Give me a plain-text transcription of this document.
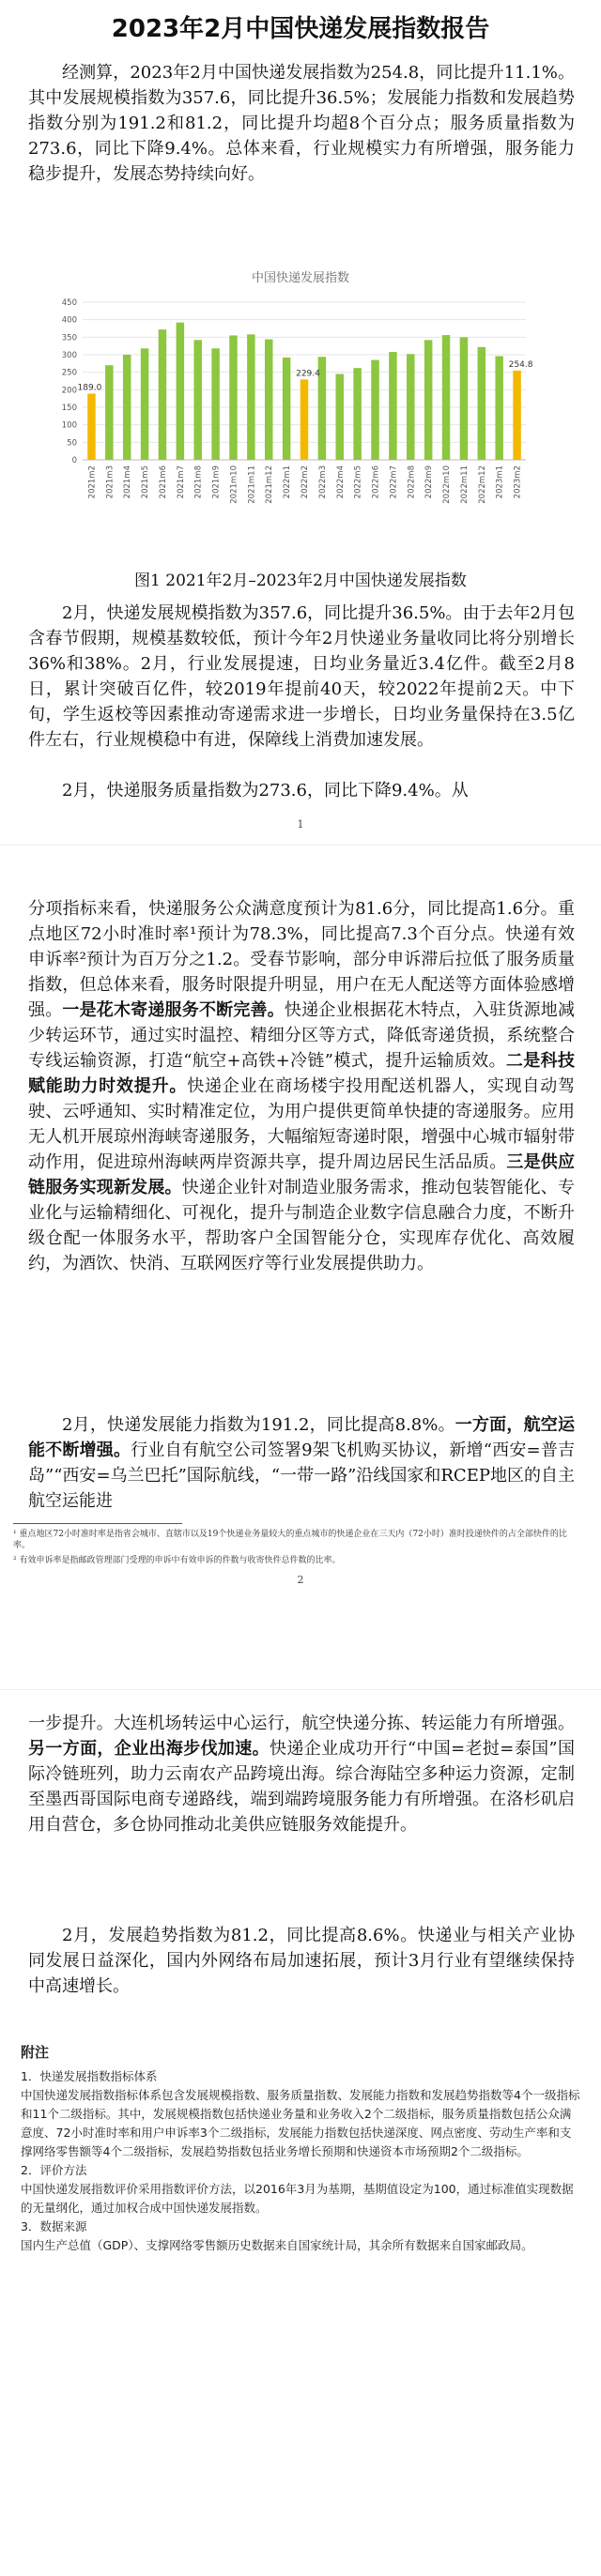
2023年2月中国快递发展指数报告

经测算，2023年2月中国快递发展指数为254.8，同比提升11.1%。其中发展规模指数为357.6，同比提升36.5%；发展能力指数和发展趋势指数分别为191.2和81.2，同比提升均超8个百分点；服务质量指数为273.6，同比下降9.4%。总体来看，行业规模实力有所增强，服务能力稳步提升，发展态势持续向好。

中国快递发展指数
189.0
229.4
254.8
0
50
100
150
200
250
300
350
400
450
2021m2 2021m3 2021m4 2021m5 2021m6 2021m7 2021m8 2021m9 2021m10 2021m11 2021m12 2022m1 2022m2 2022m3 2022m4 2022m5 2022m6 2022m7 2022m8 2022m9 2022m10 2022m11 2022m12 2023m1 2023m2
图1 2021年2月–2023年2月中国快递发展指数

2月，快递发展规模指数为357.6，同比提升36.5%。由于去年2月包含春节假期，规模基数较低，预计今年2月快递业务量收同比将分别增长36%和38%。2月，行业发展提速，日均业务量近3.4亿件。截至2月8日，累计突破百亿件，较2019年提前40天，较2022年提前2天。中下旬，学生返校等因素推动寄递需求进一步增长，日均业务量保持在3.5亿件左右，行业规模稳中有进，保障线上消费加速发展。

2月，快递服务质量指数为273.6，同比下降9.4%。从

1

分项指标来看，快递服务公众满意度预计为81.6分，同比提高1.6分。重点地区72小时准时率¹预计为78.3%，同比提高7.3个百分点。快递有效申诉率²预计为百万分之1.2。受春节影响，部分申诉滞后拉低了服务质量指数，但总体来看，服务时限提升明显，用户在无人配送等方面体验感增强。一是花木寄递服务不断完善。快递企业根据花木特点，入驻货源地减少转运环节，通过实时温控、精细分区等方式，降低寄递货损，系统整合专线运输资源，打造“航空+高铁+冷链”模式，提升运输质效。二是科技赋能助力时效提升。快递企业在商场楼宇投用配送机器人，实现自动驾驶、云呼通知、实时精准定位，为用户提供更简单快捷的寄递服务。应用无人机开展琼州海峡寄递服务，大幅缩短寄递时限，增强中心城市辐射带动作用，促进琼州海峡两岸资源共享，提升周边居民生活品质。三是供应链服务实现新发展。快递企业针对制造业服务需求，推动包装智能化、专业化与运输精细化、可视化，提升与制造企业数字信息融合力度，不断升级仓配一体服务水平，帮助客户全国智能分仓，实现库存优化、高效履约，为酒饮、快消、互联网医疗等行业发展提供助力。

2月，快递发展能力指数为191.2，同比提高8.8%。一方面，航空运能不断增强。行业自有航空公司签署9架飞机购买协议，新增“西安=普吉岛”“西安=乌兰巴托”国际航线，“一带一路”沿线国家和RCEP地区的自主航空运能进

¹ 重点地区72小时准时率是指省会城市、直辖市以及19个快递业务量较大的重点城市的快递企业在三天内（72小时）准时投递快件的占全部快件的比率。
² 有效申诉率是指邮政管理部门受理的申诉中有效申诉的件数与收寄快件总件数的比率。
2

一步提升。大连机场转运中心运行，航空快递分拣、转运能力有所增强。另一方面，企业出海步伐加速。快递企业成功开行“中国=老挝=泰国”国际冷链班列，助力云南农产品跨境出海。综合海陆空多种运力资源，定制至墨西哥国际电商专递路线，端到端跨境服务能力有所增强。在洛杉矶启用自营仓，多仓协同推动北美供应链服务效能提升。

2月，发展趋势指数为81.2，同比提高8.6%。快递业与相关产业协同发展日益深化，国内外网络布局加速拓展，预计3月行业有望继续保持中高速增长。

附注

1．快递发展指数指标体系

中国快递发展指数指标体系包含发展规模指数、服务质量指数、发展能力指数和发展趋势指数等4个一级指标和11个二级指标。其中，发展规模指数包括快递业务量和业务收入2个二级指标，服务质量指数包括公众满意度、72小时准时率和用户申诉率3个二级指标，发展能力指数包括快递深度、网点密度、劳动生产率和支撑网络零售额等4个二级指标，发展趋势指数包括业务增长预期和快递资本市场预期2个二级指标。

2．评价方法

中国快递发展指数评价采用指数评价方法，以2016年3月为基期，基期值设定为100，通过标准值实现数据的无量纲化，通过加权合成中国快递发展指数。

3．数据来源

国内生产总值（GDP）、支撑网络零售额历史数据来自国家统计局，其余所有数据来自国家邮政局。
